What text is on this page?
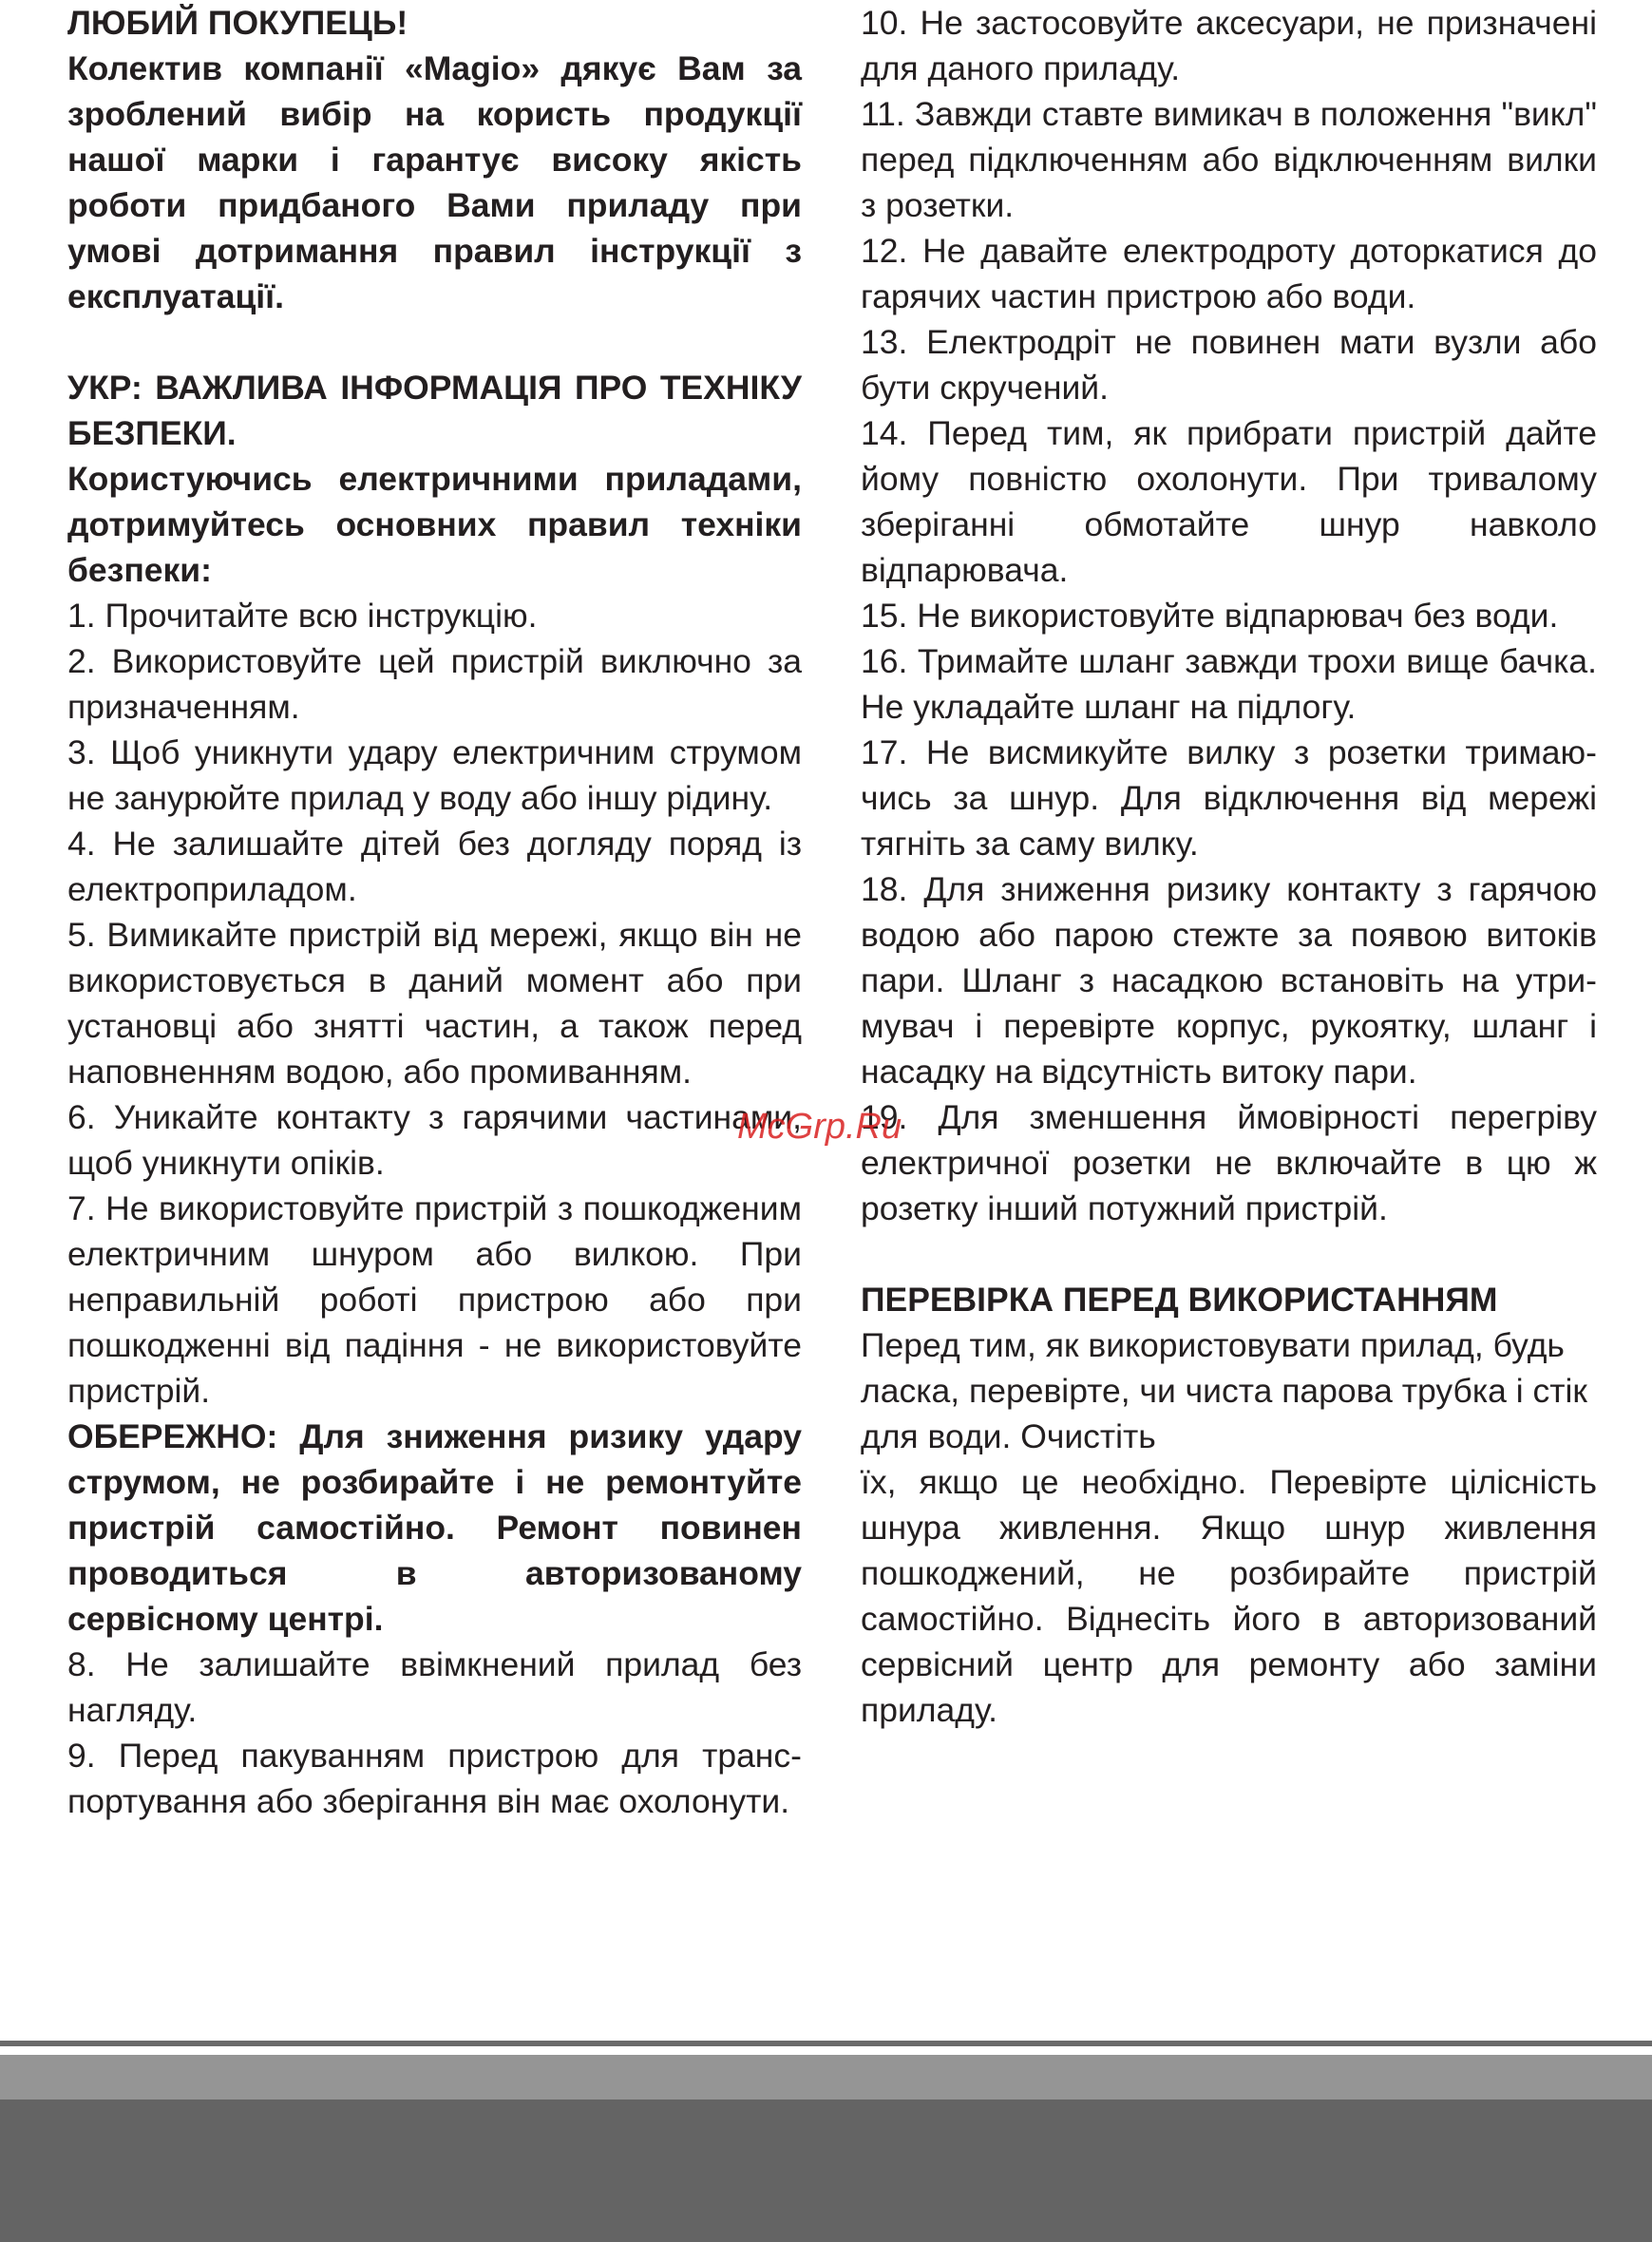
ЛЮБИЙ ПОКУПЕЦЬ!

Колектив компанії «Magio» дякує Вам за зроблений вибір на користь продукції нашої марки і гарантує високу якість роботи придбаного Вами приладу при умові дотримання правил інструкції з експлуатації.

УКР: ВАЖЛИВА ІНФОРМАЦІЯ ПРО ТЕХНІКУ БЕЗПЕКИ.

Користуючись електричними приладами, дотримуйтесь основних правил техніки безпеки:

1. Прочитайте всю інструкцію.

2. Використовуйте цей пристрій виключно за призначенням.

3. Щоб уникнути удару електричним струмом не занурюйте прилад у воду або іншу рідину.

4. Не залишайте дітей без догляду поряд із електроприладом.

5. Вимикайте пристрій від мережі, якщо він не використовується в даний момент або при установці або знятті частин, а також перед наповненням водою, або промиванням.

6. Уникайте контакту з гарячими частинами, щоб уникнути опіків.

7. Не використовуйте пристрій з пошкодженим електричним шнуром або вилкою. При неправильній роботі пристрою або при пошкодженні від падіння - не використовуйте пристрій.

ОБЕРЕЖНО: Для зниження ризику удару струмом, не розбирайте і не ремонтуйте пристрій самостійно. Ремонт повинен проводиться в авторизованому сервісному центрі.

8. Не залишайте ввімкнений прилад без нагляду.

9. Перед пакуванням пристрою для транспортування або зберігання він має охолонути.

10. Не застосовуйте аксесуари, не призначені для даного приладу.

11. Завжди ставте вимикач в положення "викл" перед підключенням або відключенням вилки з розетки.

12. Не давайте електродроту доторкатися до гарячих частин пристрою або води.

13. Електродріт не повинен мати вузли або бути скручений.

14. Перед тим, як прибрати пристрій дайте йому повністю охолонути. При тривалому зберіганні обмотайте шнур навколо відпарювача.

15. Не використовуйте відпарювач без води.

16. Тримайте шланг завжди трохи вище бачка. Не укладайте шланг на підлогу.

17. Не висмикуйте вилку з розетки тримаючись за шнур. Для відключення від мережі тягніть за саму вилку.

18. Для зниження ризику контакту з гарячою водою або парою стежте за появою витоків пари. Шланг з насадкою встановіть на утримувач і перевірте корпус, рукоятку, шланг і насадку на відсутність витоку пари.

19. Для зменшення ймовірності перегріву електричної розетки не включайте в цю ж розетку інший потужний пристрій.

ПЕРЕВІРКА ПЕРЕД ВИКОРИСТАННЯМ

Перед тим, як використовувати прилад, будь ласка, перевірте, чи чиста парова трубка і стік для води. Очистіть

їх, якщо це необхідно. Перевірте цілісність шнура живлення. Якщо шнур живлення пошкоджений, не розбирайте пристрій самостійно. Віднесіть його в авторизований сервісний центр для ремонту або заміни приладу.

McGrp.Ru
